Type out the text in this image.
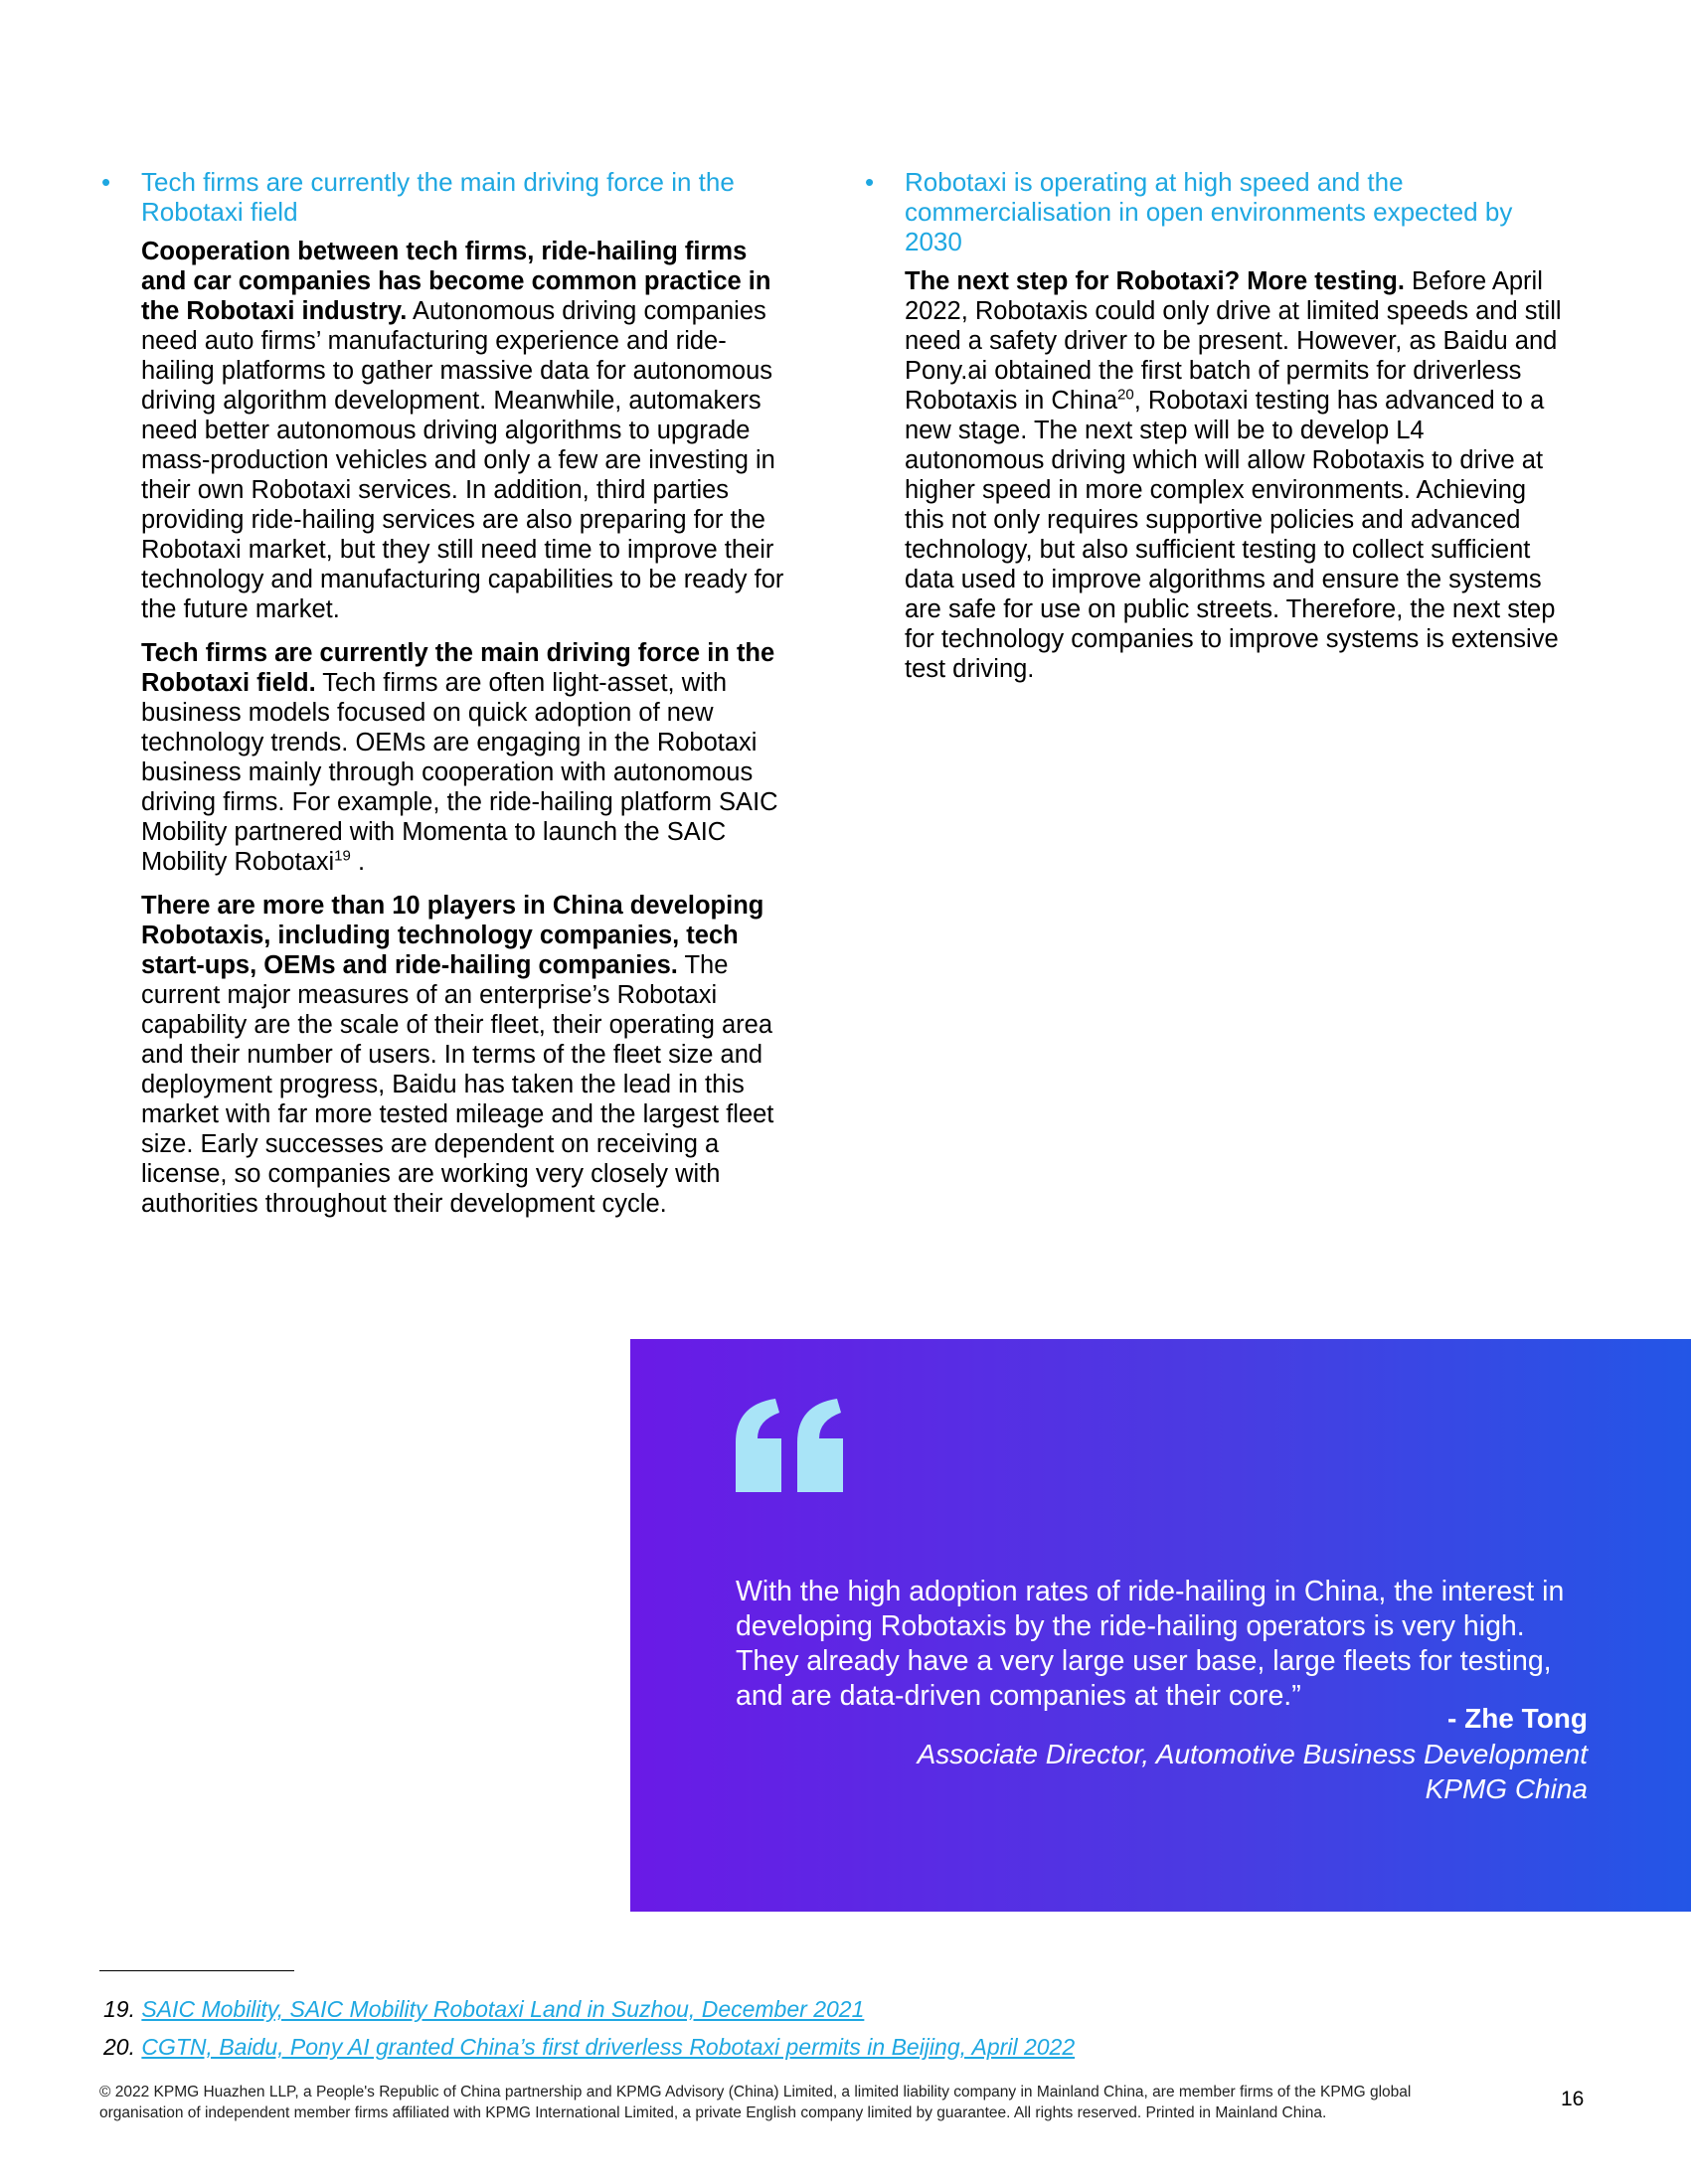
• Tech firms are currently the main driving force in the Robotaxi field

Cooperation between tech firms, ride-hailing firms and car companies has become common practice in the Robotaxi industry. Autonomous driving companies need auto firms’ manufacturing experience and ride-hailing platforms to gather massive data for autonomous driving algorithm development. Meanwhile, automakers need better autonomous driving algorithms to upgrade mass-production vehicles and only a few are investing in their own Robotaxi services. In addition, third parties providing ride-hailing services are also preparing for the Robotaxi market, but they still need time to improve their technology and manufacturing capabilities to be ready for the future market.

Tech firms are currently the main driving force in the Robotaxi field. Tech firms are often light-asset, with business models focused on quick adoption of new technology trends. OEMs are engaging in the Robotaxi business mainly through cooperation with autonomous driving firms. For example, the ride-hailing platform SAIC Mobility partnered with Momenta to launch the SAIC Mobility Robotaxi$^{19}$ .

There are more than 10 players in China developing Robotaxis, including technology companies, tech start-ups, OEMs and ride-hailing companies. The current major measures of an enterprise’s Robotaxi capability are the scale of their fleet, their operating area and their number of users. In terms of the fleet size and deployment progress, Baidu has taken the lead in this market with far more tested mileage and the largest fleet size. Early successes are dependent on receiving a license, so companies are working very closely with authorities throughout their development cycle.

• Robotaxi is operating at high speed and the commercialisation in open environments expected by 2030

The next step for Robotaxi? More testing. Before April 2022, Robotaxis could only drive at limited speeds and still need a safety driver to be present. However, as Baidu and Pony.ai obtained the first batch of permits for driverless Robotaxis in China$^{20}$, Robotaxi testing has advanced to a new stage. The next step will be to develop L4 autonomous driving which will allow Robotaxis to drive at higher speed in more complex environments. Achieving this not only requires supportive policies and advanced technology, but also sufficient testing to collect sufficient data used to improve algorithms and ensure the systems are safe for use on public streets. Therefore, the next step for technology companies to improve systems is extensive test driving.

With the high adoption rates of ride-hailing in China, the interest in developing Robotaxis by the ride-hailing operators is very high. They already have a very large user base, large fleets for testing, and are data-driven companies at their core.”

- Zhe Tong
Associate Director, Automotive Business Development
KPMG China
19. SAIC Mobility, SAIC Mobility Robotaxi Land in Suzhou, December 2021
20. CGTN, Baidu, Pony AI granted China’s first driverless Robotaxi permits in Beijing, April 2022
© 2022 KPMG Huazhen LLP, a People's Republic of China partnership and KPMG Advisory (China) Limited, a limited liability company in Mainland China, are member firms of the KPMG global organisation of independent member firms affiliated with KPMG International Limited, a private English company limited by guarantee. All rights reserved. Printed in Mainland China.
16
